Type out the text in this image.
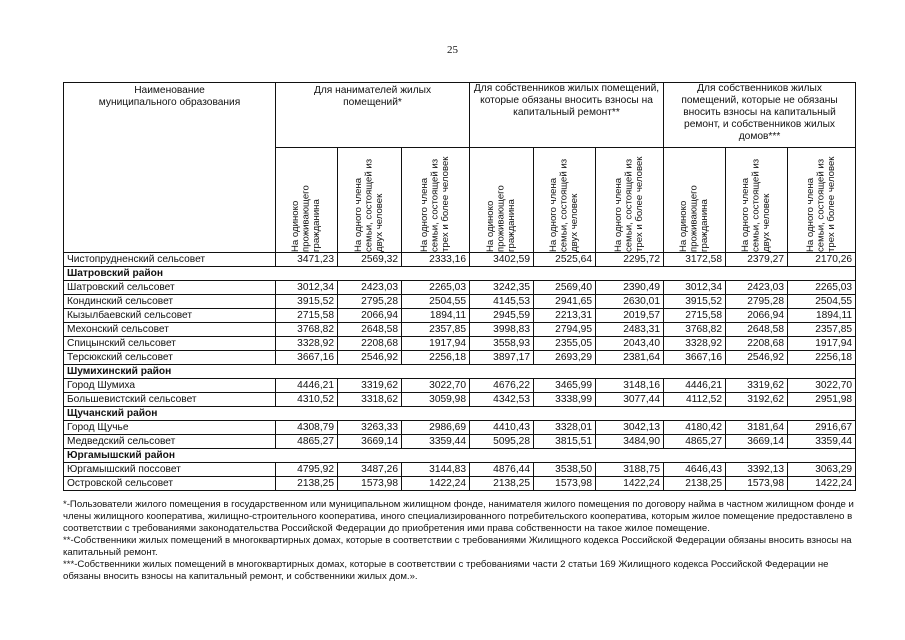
25
Наименование муниципального образования	Для нанимателей жилых помещений*			Для собственников жилых помещений, которые обязаны вносить взносы на капитальный ремонт**			Для собственников жилых помещений, которые не обязаны вносить взносы на капитальный ремонт, и собственников жилых домов***		

	На одиноко проживающего гражданина	На одного члена семьи, состоящей из двух человек	На одного члена семьи, состоящей из трех и более человек	На одиноко проживающего гражданина	На одного члена семьи, состоящей из двух человек	На одного члена семьи, состоящей из трех и более человек	На одиноко проживающего гражданина	На одного члена семьи, состоящей из двух человек	На одного члена семьи, состоящей из трех и более человек

Чистопрудненский сельсовет	3471,23	2569,32	2333,16	3402,59	2525,64	2295,72	3172,58	2379,27	2170,26
Шатровский район									
Шатровский сельсовет	3012,34	2423,03	2265,03	3242,35	2569,40	2390,49	3012,34	2423,03	2265,03
Кондинский сельсовет	3915,52	2795,28	2504,55	4145,53	2941,65	2630,01	3915,52	2795,28	2504,55
Кызылбаевский сельсовет	2715,58	2066,94	1894,11	2945,59	2213,31	2019,57	2715,58	2066,94	1894,11
Мехонский сельсовет	3768,82	2648,58	2357,85	3998,83	2794,95	2483,31	3768,82	2648,58	2357,85
Спицынский сельсовет	3328,92	2208,68	1917,94	3558,93	2355,05	2043,40	3328,92	2208,68	1917,94
Терсюкский сельсовет	3667,16	2546,92	2256,18	3897,17	2693,29	2381,64	3667,16	2546,92	2256,18
Шумихинский район									
Город Шумиха	4446,21	3319,62	3022,70	4676,22	3465,99	3148,16	4446,21	3319,62	3022,70
Большевистский сельсовет	4310,52	3318,62	3059,98	4342,53	3338,99	3077,44	4112,52	3192,62	2951,98
Щучанский район									
Город Щучье	4308,79	3263,33	2986,69	4410,43	3328,01	3042,13	4180,42	3181,64	2916,67
Медведский сельсовет	4865,27	3669,14	3359,44	5095,28	3815,51	3484,90	4865,27	3669,14	3359,44
Юргамышский район									
Юргамышский поссовет	4795,92	3487,26	3144,83	4876,44	3538,50	3188,75	4646,43	3392,13	3063,29
Островской сельсовет	2138,25	1573,98	1422,24	2138,25	1573,98	1422,24	2138,25	1573,98	1422,24

*-Пользователи жилого помещения в государственном или муниципальном жилищном фонде, нанимателя жилого помещения по договору найма в частном жилищном фонде и члены жилищного кооператива, жилищно-строительного кооператива, иного специализированного потребительского кооператива, которым жилое помещение предоставлено в соответствии с требованиями законодательства Российской Федерации до приобретения ими права собственности на такое жилое помещение.

**-Собственники жилых помещений в многоквартирных домах, которые в соответствии с требованиями Жилищного кодекса Российской Федерации обязаны вносить взносы на капитальный ремонт.

***-Собственники жилых помещений в многоквартирных домах, которые в соответствии с требованиями части 2 статьи 169 Жилищного кодекса Российской Федерации не обязаны вносить взносы на капитальный ремонт, и собственники жилых дом.».
